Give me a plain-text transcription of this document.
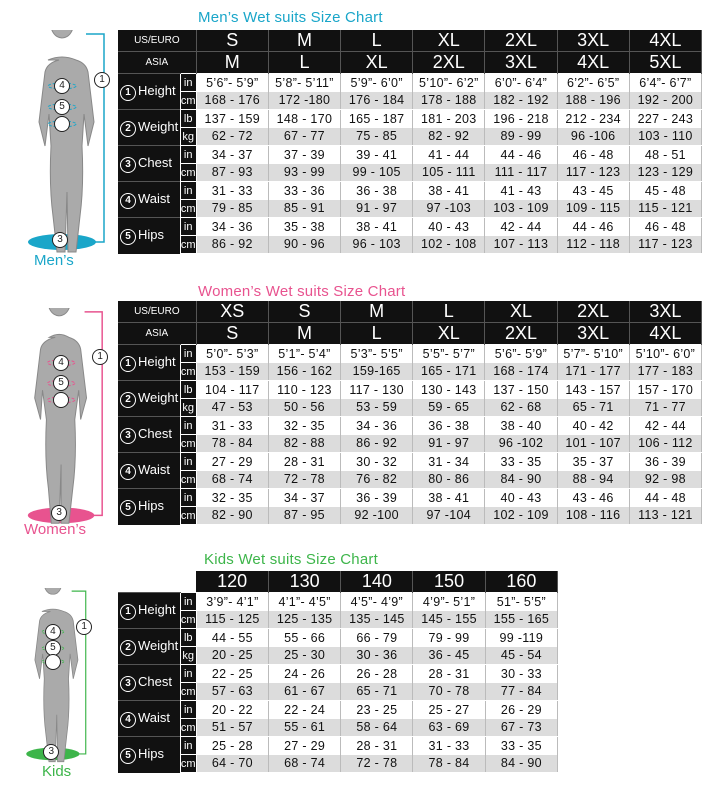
Men’s Wet suits Size Chart
1
3
4
5
Men’s
US/EURO		S	M	L	XL	2XL	3XL	4XL
ASIA		M	L	XL	2XL	3XL	4XL	5XL
1 Height	in	5’6”- 5’9”	5’8”- 5’11”	5’9”- 6’0”	5’10”- 6’2”	6’0”- 6’4”	6’2”- 6’5”	6’4”- 6’7”
	cm	168 - 176	172 -180	176 - 184	178 - 188	182 - 192	188 - 196	192 - 200
2 Weight	lb	137 - 159	148 - 170	165 - 187	181 - 203	196 - 218	212 - 234	227 - 243
	kg	62 - 72	67 - 77	75 - 85	82 - 92	89 - 99	96 -106	103 - 110
3 Chest	in	34 - 37	37 - 39	39 - 41	41 - 44	44 - 46	46 - 48	48 - 51
	cm	87 - 93	93 - 99	99 - 105	105 - 111	111 - 117	117 - 123	123 - 129
4 Waist	in	31 - 33	33 - 36	36 - 38	38 - 41	41 - 43	43 - 45	45 - 48
	cm	79 - 85	85 - 91	91 - 97	97 -103	103 - 109	109 - 115	115 - 121
5 Hips	in	34 - 36	35 - 38	38 - 41	40 - 43	42 - 44	44 - 46	46 - 48
	cm	86 - 92	90 - 96	96 - 103	102 - 108	107 - 113	112 - 118	117 - 123
Women’s Wet suits Size Chart
1
3
4
5
Women’s
US/EURO		XS	S	M	L	XL	2XL	3XL
ASIA		S	M	L	XL	2XL	3XL	4XL
1 Height	in	5’0”- 5’3”	5’1”- 5’4”	5’3”- 5’5”	5’5”- 5’7”	5’6”- 5’9”	5’7”- 5’10”	5’10”- 6’0”
	cm	153 - 159	156 - 162	159-165	165 - 171	168 - 174	171 - 177	177 - 183
2 Weight	lb	104 - 117	110 - 123	117 - 130	130 - 143	137 - 150	143 - 157	157 - 170
	kg	47 - 53	50 - 56	53 - 59	59 - 65	62 - 68	65 - 71	71 - 77
3 Chest	in	31 - 33	32 - 35	34 - 36	36 - 38	38 - 40	40 - 42	42 - 44
	cm	78 - 84	82 - 88	86 - 92	91 - 97	96 -102	101 - 107	106 - 112
4 Waist	in	27 - 29	28 - 31	30 - 32	31 - 34	33 - 35	35 - 37	36 - 39
	cm	68 - 74	72 - 78	76 - 82	80 - 86	84 - 90	88 - 94	92 - 98
5 Hips	in	32 - 35	34 - 37	36 - 39	38 - 41	40 - 43	43 - 46	44 - 48
	cm	82 - 90	87 - 95	92 -100	97 -104	102 - 109	108 - 116	113 - 121
Kids Wet suits Size Chart
1
3
4
5
Kids
		120	130	140	150	160
1 Height	in	3’9”- 4’1”	4’1”- 4’5”	4’5”- 4’9”	4’9”- 5’1”	51”- 5’5”
	cm	115 - 125	125 - 135	135 - 145	145 - 155	155 - 165
2 Weight	lb	44 - 55	55 - 66	66 - 79	79 - 99	99 -119
	kg	20 - 25	25 - 30	30 - 36	36 - 45	45 - 54
3 Chest	in	22 - 25	24 - 26	26 - 28	28 - 31	30 - 33
	cm	57 - 63	61 - 67	65 - 71	70 - 78	77 - 84
4 Waist	in	20 - 22	22 - 24	23 - 25	25 - 27	26 - 29
	cm	51 - 57	55 - 61	58 - 64	63 - 69	67 - 73
5 Hips	in	25 - 28	27 - 29	28 - 31	31 - 33	33 - 35
	cm	64 - 70	68 - 74	72 - 78	78 - 84	84 - 90
